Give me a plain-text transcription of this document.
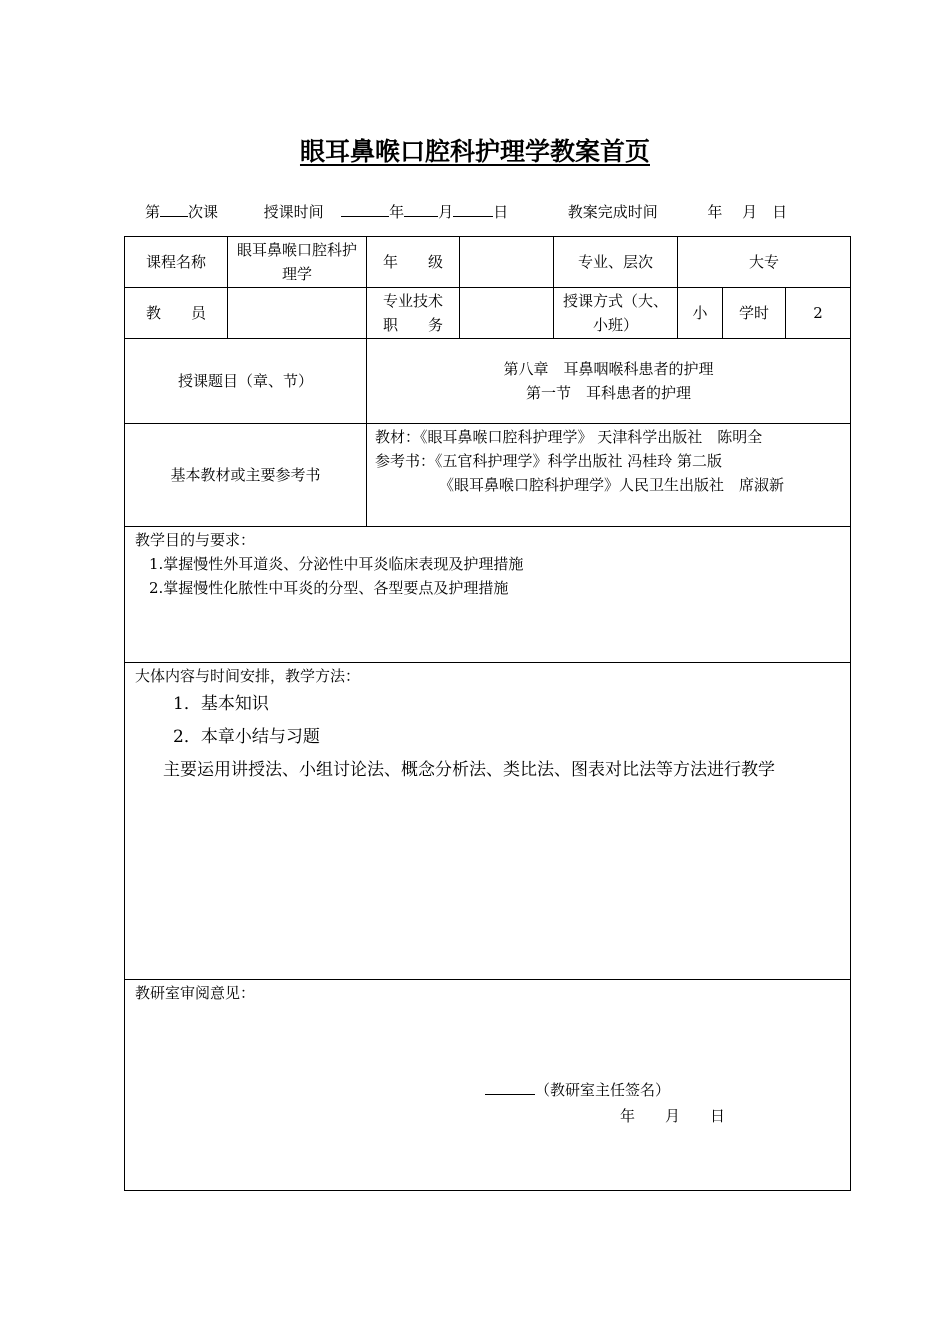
眼耳鼻喉口腔科护理学教案首页
第 次课	授课时间	年 月	日	教案完成时间	年　 月　日
课程名称	眼耳鼻喉口腔科护理学	年　　级		专业、层次	大专		
教　　员		专业技术职　　务		授课方式（大、小班）	小	学时	2
授课题目（章、节）		第八章　耳鼻咽喉科患者的护理
第一节　耳科患者的护理					

基本教材或主要参考书		教材：《眼耳鼻喉口腔科护理学》 天津科学出版社　陈明全
参考书：《五官科护理学》科学出版社 冯桂玲 第二版
《眼耳鼻喉口腔科护理学》人民卫生出版社　席淑新					

教学目的与要求：
1.掌握慢性外耳道炎、分泌性中耳炎临床表现及护理措施
2.掌握慢性化脓性中耳炎的分型、各型要点及护理措施							

大体内容与时间安排，教学方法：
1．基本知识
2．本章小结与习题
主要运用讲授法、小组讨论法、概念分析法、类比法、图表对比法等方法进行教学							

教研室审阅意见：
（教研室主任签名）
年　　月　　日							
